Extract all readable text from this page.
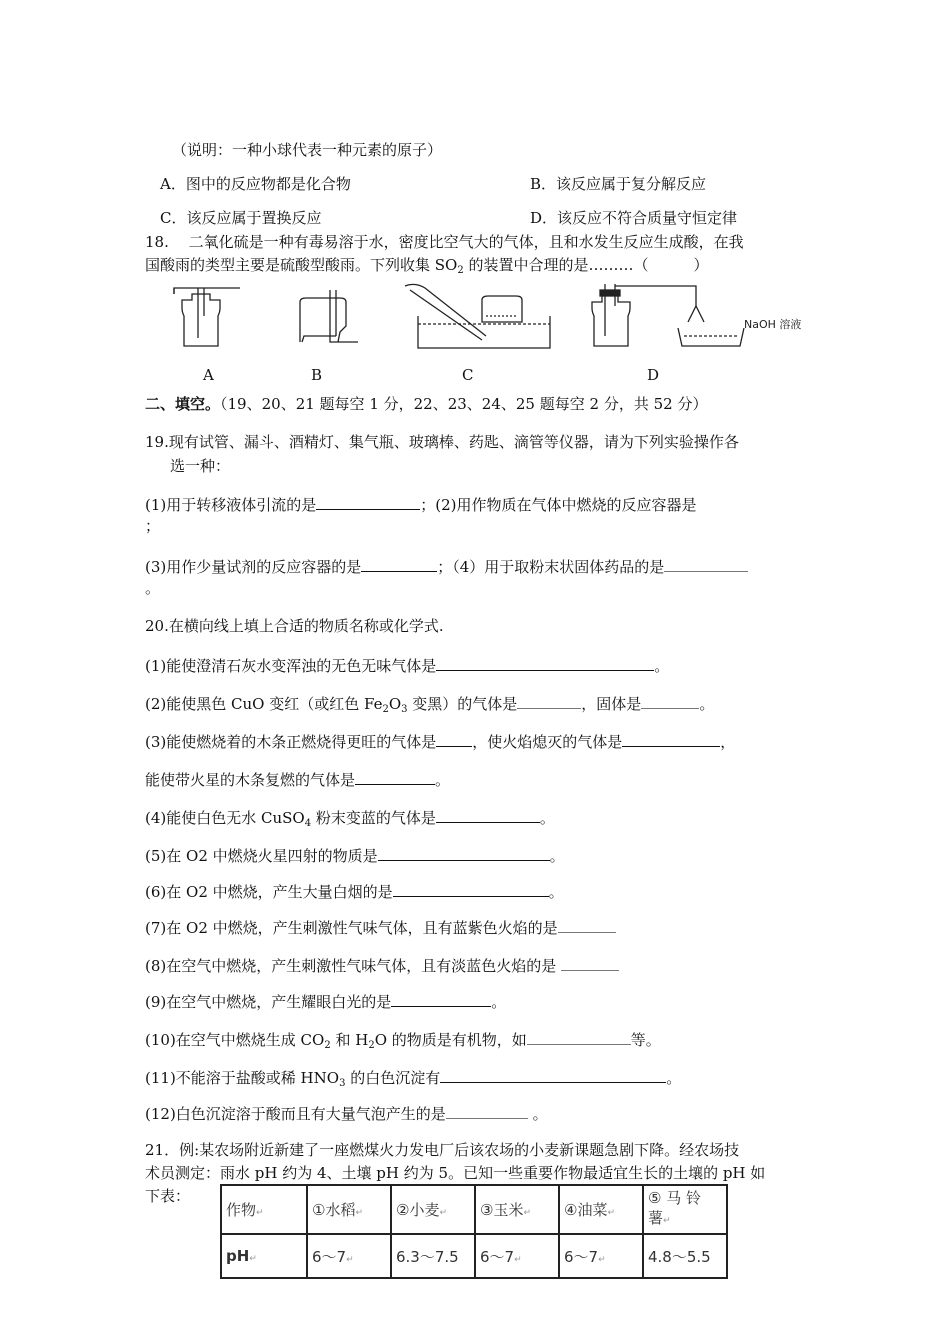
（说明：一种小球代表一种元素的原子）
A．图中的反应物都是化合物	B．该反应属于复分解反应
C．该反应属于置换反应	D．该反应不符合质量守恒定律
18.　 二氧化硫是一种有毒易溶于水，密度比空气大的气体，且和水发生反应生成酸，在我
国酸雨的类型主要是硫酸型酸雨。下列收集 $SO_2$ 的装置中合理的是………（　　　）
NaOH 溶液
A	B	C	D
二、填空。（19、20、21 题每空 1 分，22、23、24、25 题每空 2 分，共 52 分）
19.现有试管、漏斗、酒精灯、集气瓶、玻璃棒、药匙、滴管等仪器，请为下列实验操作各
选一种：
(1)用于转移液体引流的是	；(2)用作物质在气体中燃烧的反应容器是
；
(3)用作少量试剂的反应容器的是	；（4）用于取粉末状固体药品的是
。
20.在横向线上填上合适的物质名称或化学式.
(1)能使澄清石灰水变浑浊的无色无味气体是	。
(2)能使黑色 CuO 变红（或红色 $Fe_2O_3$ 变黑）的气体是	，固体是	。
(3)能使燃烧着的木条正燃烧得更旺的气体是 ，使火焰熄灭的气体是	，
能使带火星的木条复燃的气体是	。
(4)能使白色无水 CuSO$_4$ 粉末变蓝的气体是	。
(5)在 O2 中燃烧火星四射的物质是	。
(6)在 O2 中燃烧，产生大量白烟的是	。
(7)在 O2 中燃烧，产生刺激性气味气体，且有蓝紫色火焰的是
(8)在空气中燃烧，产生刺激性气味气体，且有淡蓝色火焰的是
(9)在空气中燃烧，产生耀眼白光的是	。
(10)在空气中燃烧生成 $CO_2$ 和 $H_2O$ 的物质是有机物，如	等。
(11)不能溶于盐酸或稀 $HNO_3$ 的白色沉淀有	。
(12)白色沉淀溶于酸而且有大量气泡产生的是	。
21．例:某农场附近新建了一座燃煤火力发电厂后该农场的小麦新课题急剧下降。经农场技
术员测定：雨水 pH 约为 4、土壤 pH 约为 5。已知一些重要作物最适宜生长的土壤的 pH 如
下表：
作物↵	①水稻↵	②小麦↵	③玉米↵	④油菜↵	⑤ 马 铃
薯↵
pH↵	6～7↵	6.3～7.5	6～7↵	6～7↵	4.8～5.5
